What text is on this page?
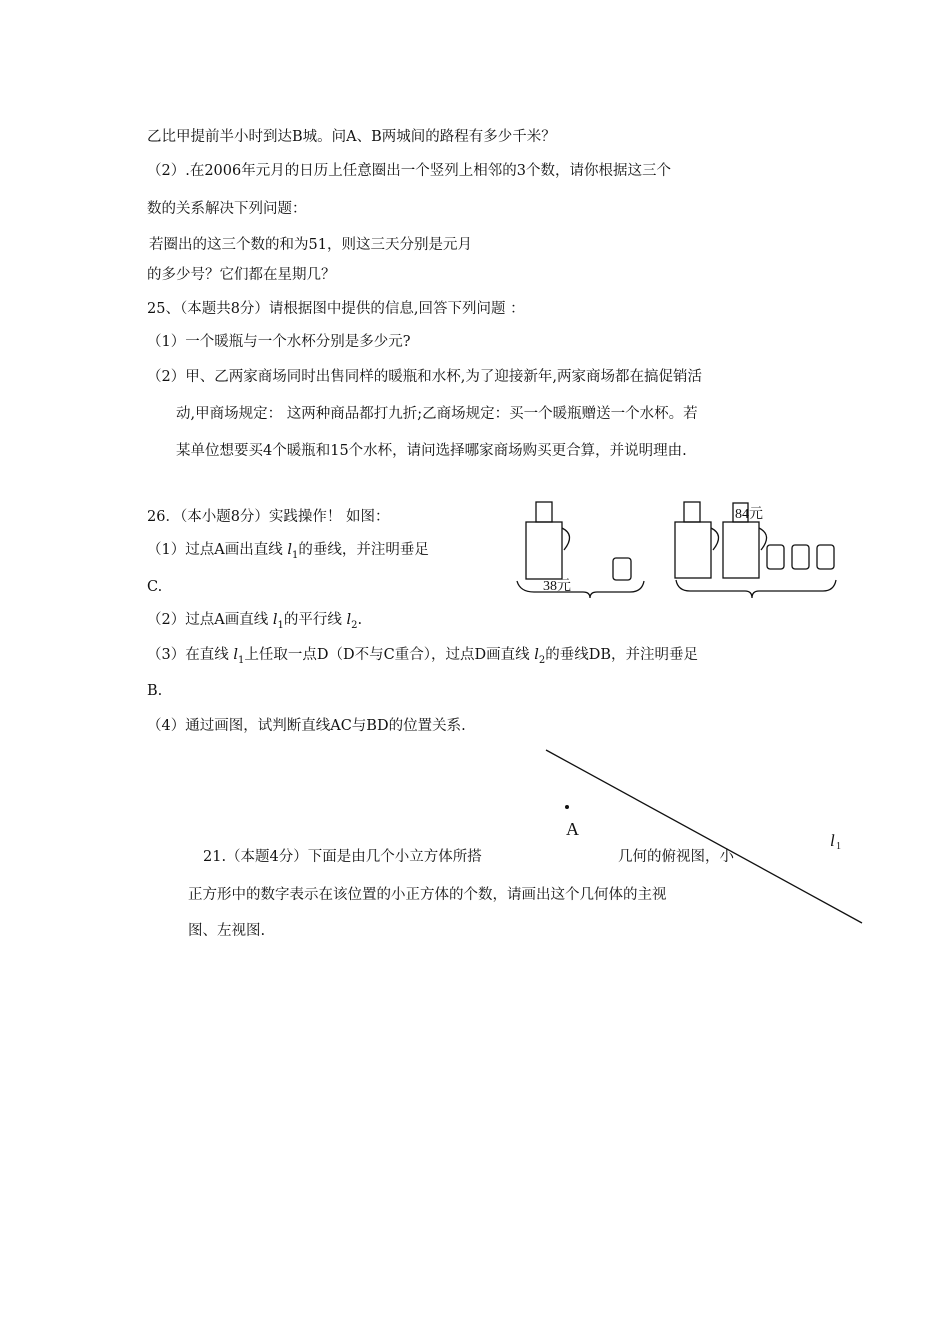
乙比甲提前半小时到达B城。问A、B两城间的路程有多少千米？
（2）.在2006年元月的日历上任意圈出一个竖列上相邻的3个数，请你根据这三个
数的关系解决下列问题：
若圈出的这三个数的和为51，则这三天分别是元月
的多少号？它们都在星期几？
25、（本题共8分）请根据图中提供的信息,回答下列问题 ：
（1）一个暖瓶与一个水杯分别是多少元?
（2）甲、乙两家商场同时出售同样的暖瓶和水杯,为了迎接新年,两家商场都在搞促销活
动,甲商场规定： 这两种商品都打九折;乙商场规定：买一个暖瓶赠送一个水杯。若
某单位想要买4个暖瓶和15个水杯，请问选择哪家商场购买更合算，并说明理由.
26．（本小题8分）实践操作！ 如图：
（1）过点A画出直线 $l_1$的垂线，并注明垂足
C.
（2）过点A画直线 $l_1$的平行线 $l_2$.
（3）在直线 $l_1$上任取一点D（D不与C重合），过点D画直线 $l_2$的垂线DB，并注明垂足
B.
（4）通过画图，试判断直线AC与BD的位置关系.
21.（本题4分）下面是由几个小立方体所搭	几何的俯视图，小
正方形中的数字表示在该位置的小正方体的个数，请画出这个几何体的主视
图、左视图.
38元
84元
A
l 1
